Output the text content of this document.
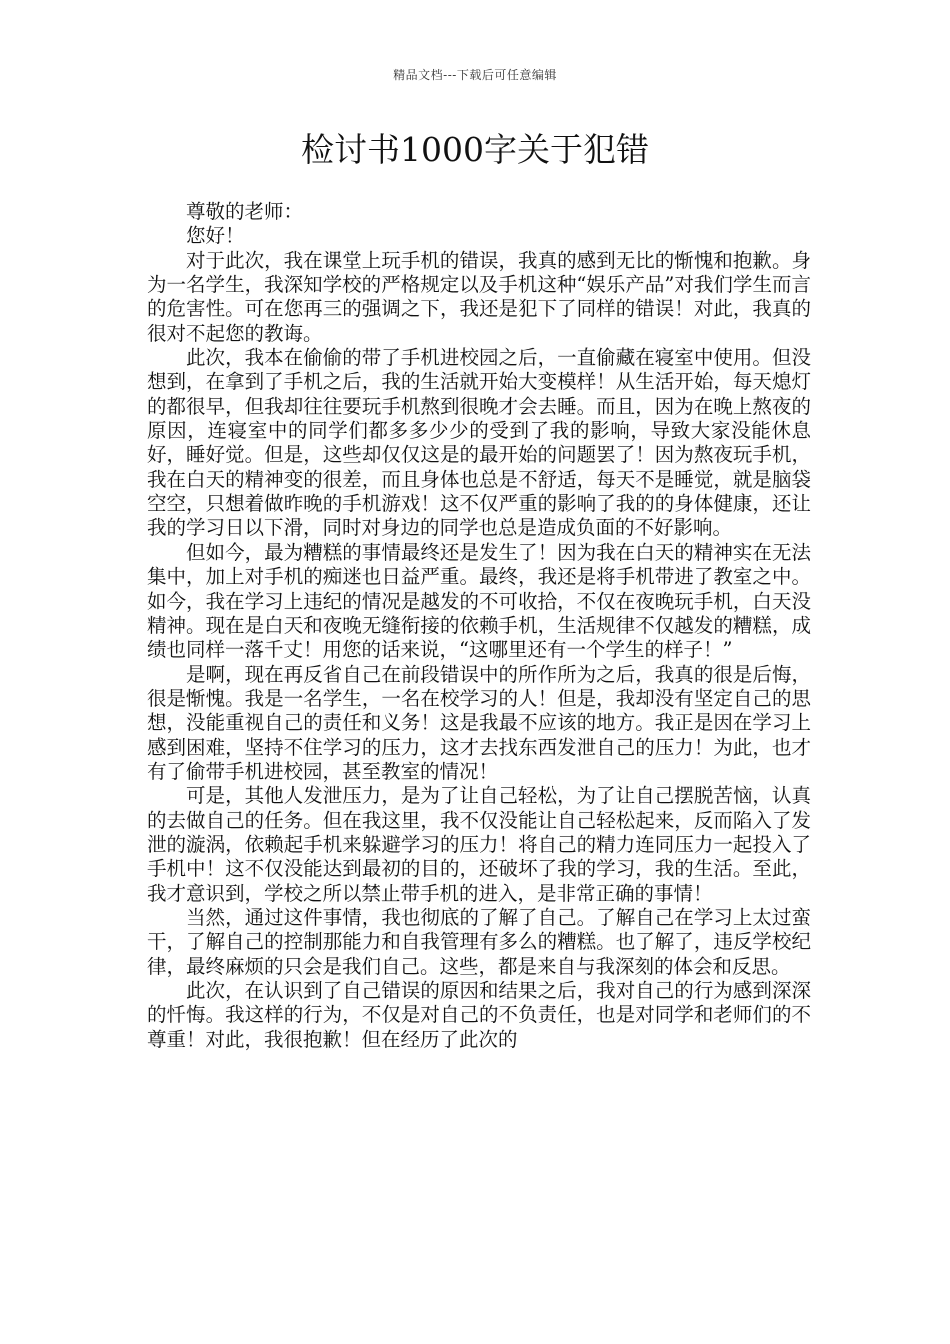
精品文档---下载后可任意编辑
检讨书1000字关于犯错

尊敬的老师：

您好！

对于此次，我在课堂上玩手机的错误，我真的感到无比的惭愧和抱歉。身为一名学生，我深知学校的严格规定以及手机这种“娱乐产品”对我们学生而言的危害性。可在您再三的强调之下，我还是犯下了同样的错误！对此，我真的很对不起您的教诲。

此次，我本在偷偷的带了手机进校园之后，一直偷藏在寝室中使用。但没想到，在拿到了手机之后，我的生活就开始大变模样！从生活开始，每天熄灯的都很早，但我却往往要玩手机熬到很晚才会去睡。而且，因为在晚上熬夜的原因，连寝室中的同学们都多多少少的受到了我的影响，导致大家没能休息好，睡好觉。但是，这些却仅仅这是的最开始的问题罢了！因为熬夜玩手机，我在白天的精神变的很差，而且身体也总是不舒适，每天不是睡觉，就是脑袋空空，只想着做昨晚的手机游戏！这不仅严重的影响了我的的身体健康，还让我的学习日以下滑，同时对身边的同学也总是造成负面的不好影响。

但如今，最为糟糕的事情最终还是发生了！因为我在白天的精神实在无法集中，加上对手机的痴迷也日益严重。最终，我还是将手机带进了教室之中。如今，我在学习上违纪的情况是越发的不可收拾，不仅在夜晚玩手机，白天没精神。现在是白天和夜晚无缝衔接的依赖手机，生活规律不仅越发的糟糕，成绩也同样一落千丈！用您的话来说，“这哪里还有一个学生的样子！”

是啊，现在再反省自己在前段错误中的所作所为之后，我真的很是后悔，很是惭愧。我是一名学生，一名在校学习的人！但是，我却没有坚定自己的思想，没能重视自己的责任和义务！这是我最不应该的地方。我正是因在学习上感到困难，坚持不住学习的压力，这才去找东西发泄自己的压力！为此，也才有了偷带手机进校园，甚至教室的情况！

可是，其他人发泄压力，是为了让自己轻松，为了让自己摆脱苦恼，认真的去做自己的任务。但在我这里，我不仅没能让自己轻松起来，反而陷入了发泄的漩涡，依赖起手机来躲避学习的压力！将自己的精力连同压力一起投入了手机中！这不仅没能达到最初的目的，还破坏了我的学习，我的生活。至此，我才意识到，学校之所以禁止带手机的进入，是非常正确的事情！

当然，通过这件事情，我也彻底的了解了自己。了解自己在学习上太过蛮干，了解自己的控制那能力和自我管理有多么的糟糕。也了解了，违反学校纪律，最终麻烦的只会是我们自己。这些，都是来自与我深刻的体会和反思。

此次，在认识到了自己错误的原因和结果之后，我对自己的行为感到深深的忏悔。我这样的行为，不仅是对自己的不负责任，也是对同学和老师们的不尊重！对此，我很抱歉！但在经历了此次的
